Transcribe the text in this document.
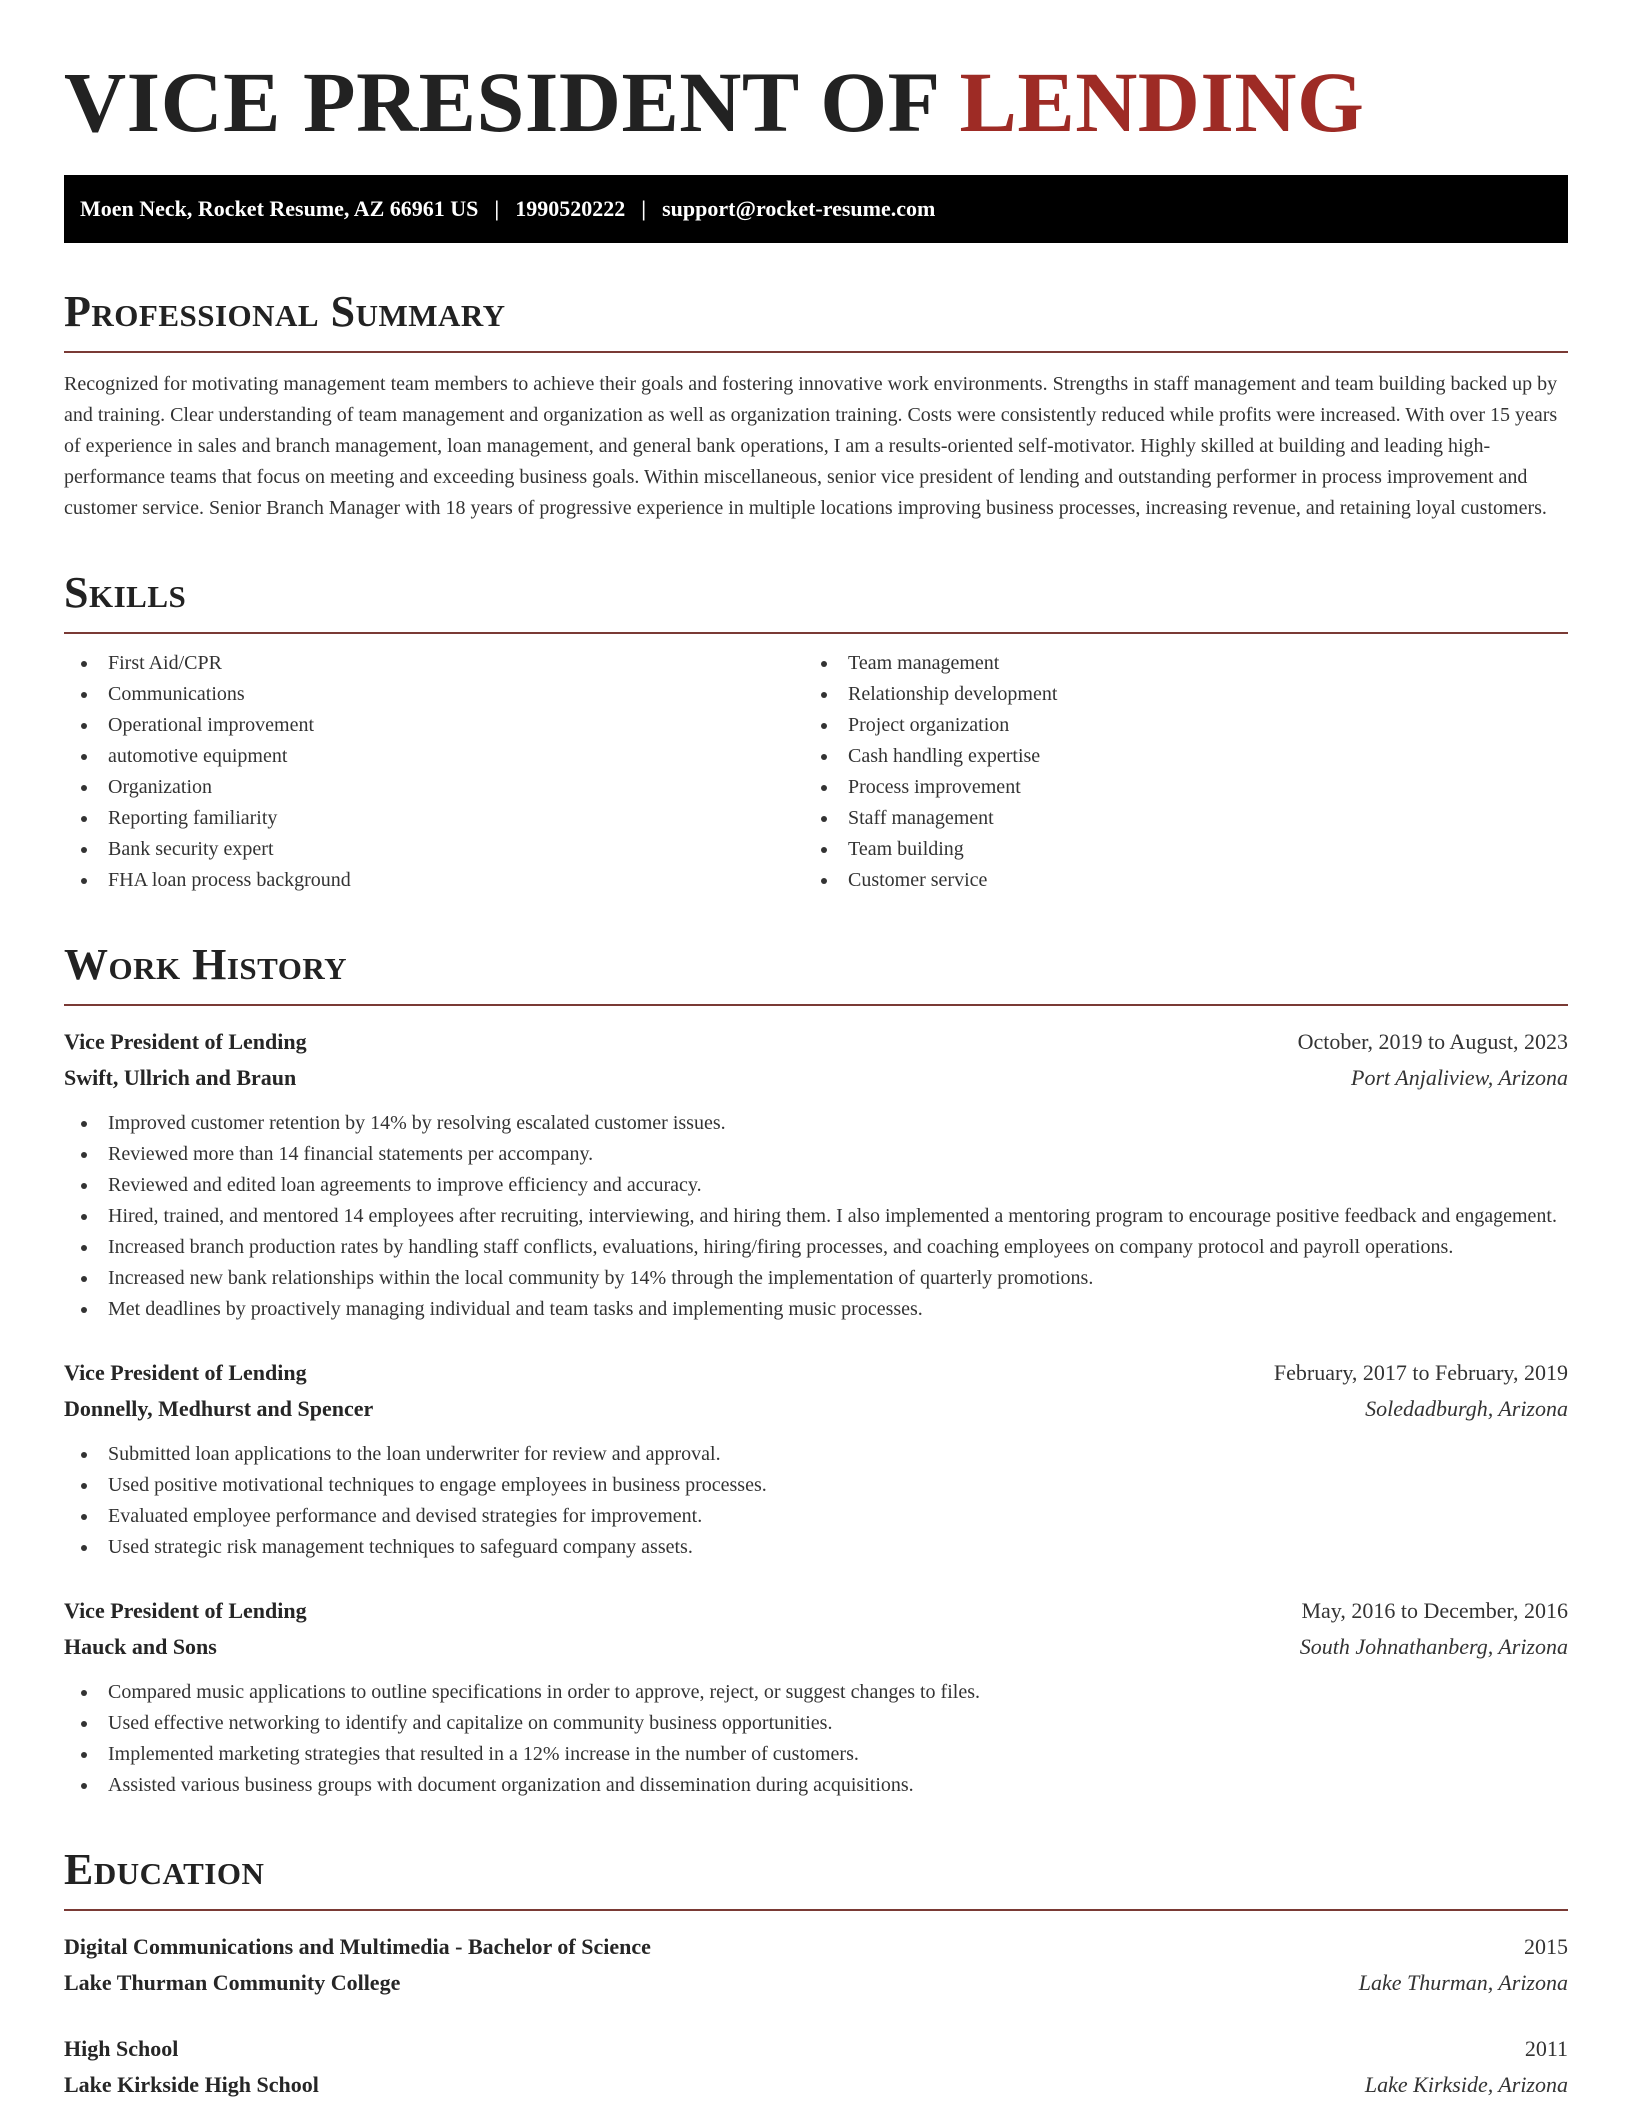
VICE PRESIDENT OF LENDING
Moen Neck, Rocket Resume, AZ 66961 US | 1990520222 | support@rocket-resume.com
Professional Summary

Recognized for motivating management team members to achieve their goals and fostering innovative work environments. Strengths in staff management and team building backed up by and training. Clear understanding of team management and organization as well as organization training. Costs were consistently reduced while profits were increased. With over 15 years of experience in sales and branch management, loan management, and general bank operations, I am a results-oriented self-motivator. Highly skilled at building and leading high-performance teams that focus on meeting and exceeding business goals. Within miscellaneous, senior vice president of lending and outstanding performer in process improvement and customer service. Senior Branch Manager with 18 years of progressive experience in multiple locations improving business processes, increasing revenue, and retaining loyal customers.

Skills
First Aid/CPR
Communications
Operational improvement
automotive equipment
Organization
Reporting familiarity
Bank security expert
FHA loan process background
Team management
Relationship development
Project organization
Cash handling expertise
Process improvement
Staff management
Team building
Customer service
Work History
Vice President of Lending	October, 2019 to August, 2023
Swift, Ullrich and Braun	Port Anjaliview, Arizona
Improved customer retention by 14% by resolving escalated customer issues.
Reviewed more than 14 financial statements per accompany.
Reviewed and edited loan agreements to improve efficiency and accuracy.
Hired, trained, and mentored 14 employees after recruiting, interviewing, and hiring them. I also implemented a mentoring program to encourage positive feedback and engagement.
Increased branch production rates by handling staff conflicts, evaluations, hiring/firing processes, and coaching employees on company protocol and payroll operations.
Increased new bank relationships within the local community by 14% through the implementation of quarterly promotions.
Met deadlines by proactively managing individual and team tasks and implementing music processes.
Vice President of Lending	February, 2017 to February, 2019
Donnelly, Medhurst and Spencer	Soledadburgh, Arizona
Submitted loan applications to the loan underwriter for review and approval.
Used positive motivational techniques to engage employees in business processes.
Evaluated employee performance and devised strategies for improvement.
Used strategic risk management techniques to safeguard company assets.
Vice President of Lending	May, 2016 to December, 2016
Hauck and Sons	South Johnathanberg, Arizona
Compared music applications to outline specifications in order to approve, reject, or suggest changes to files.
Used effective networking to identify and capitalize on community business opportunities.
Implemented marketing strategies that resulted in a 12% increase in the number of customers.
Assisted various business groups with document organization and dissemination during acquisitions.
Education
Digital Communications and Multimedia - Bachelor of Science	2015
Lake Thurman Community College	Lake Thurman, Arizona
High School	2011
Lake Kirkside High School	Lake Kirkside, Arizona
